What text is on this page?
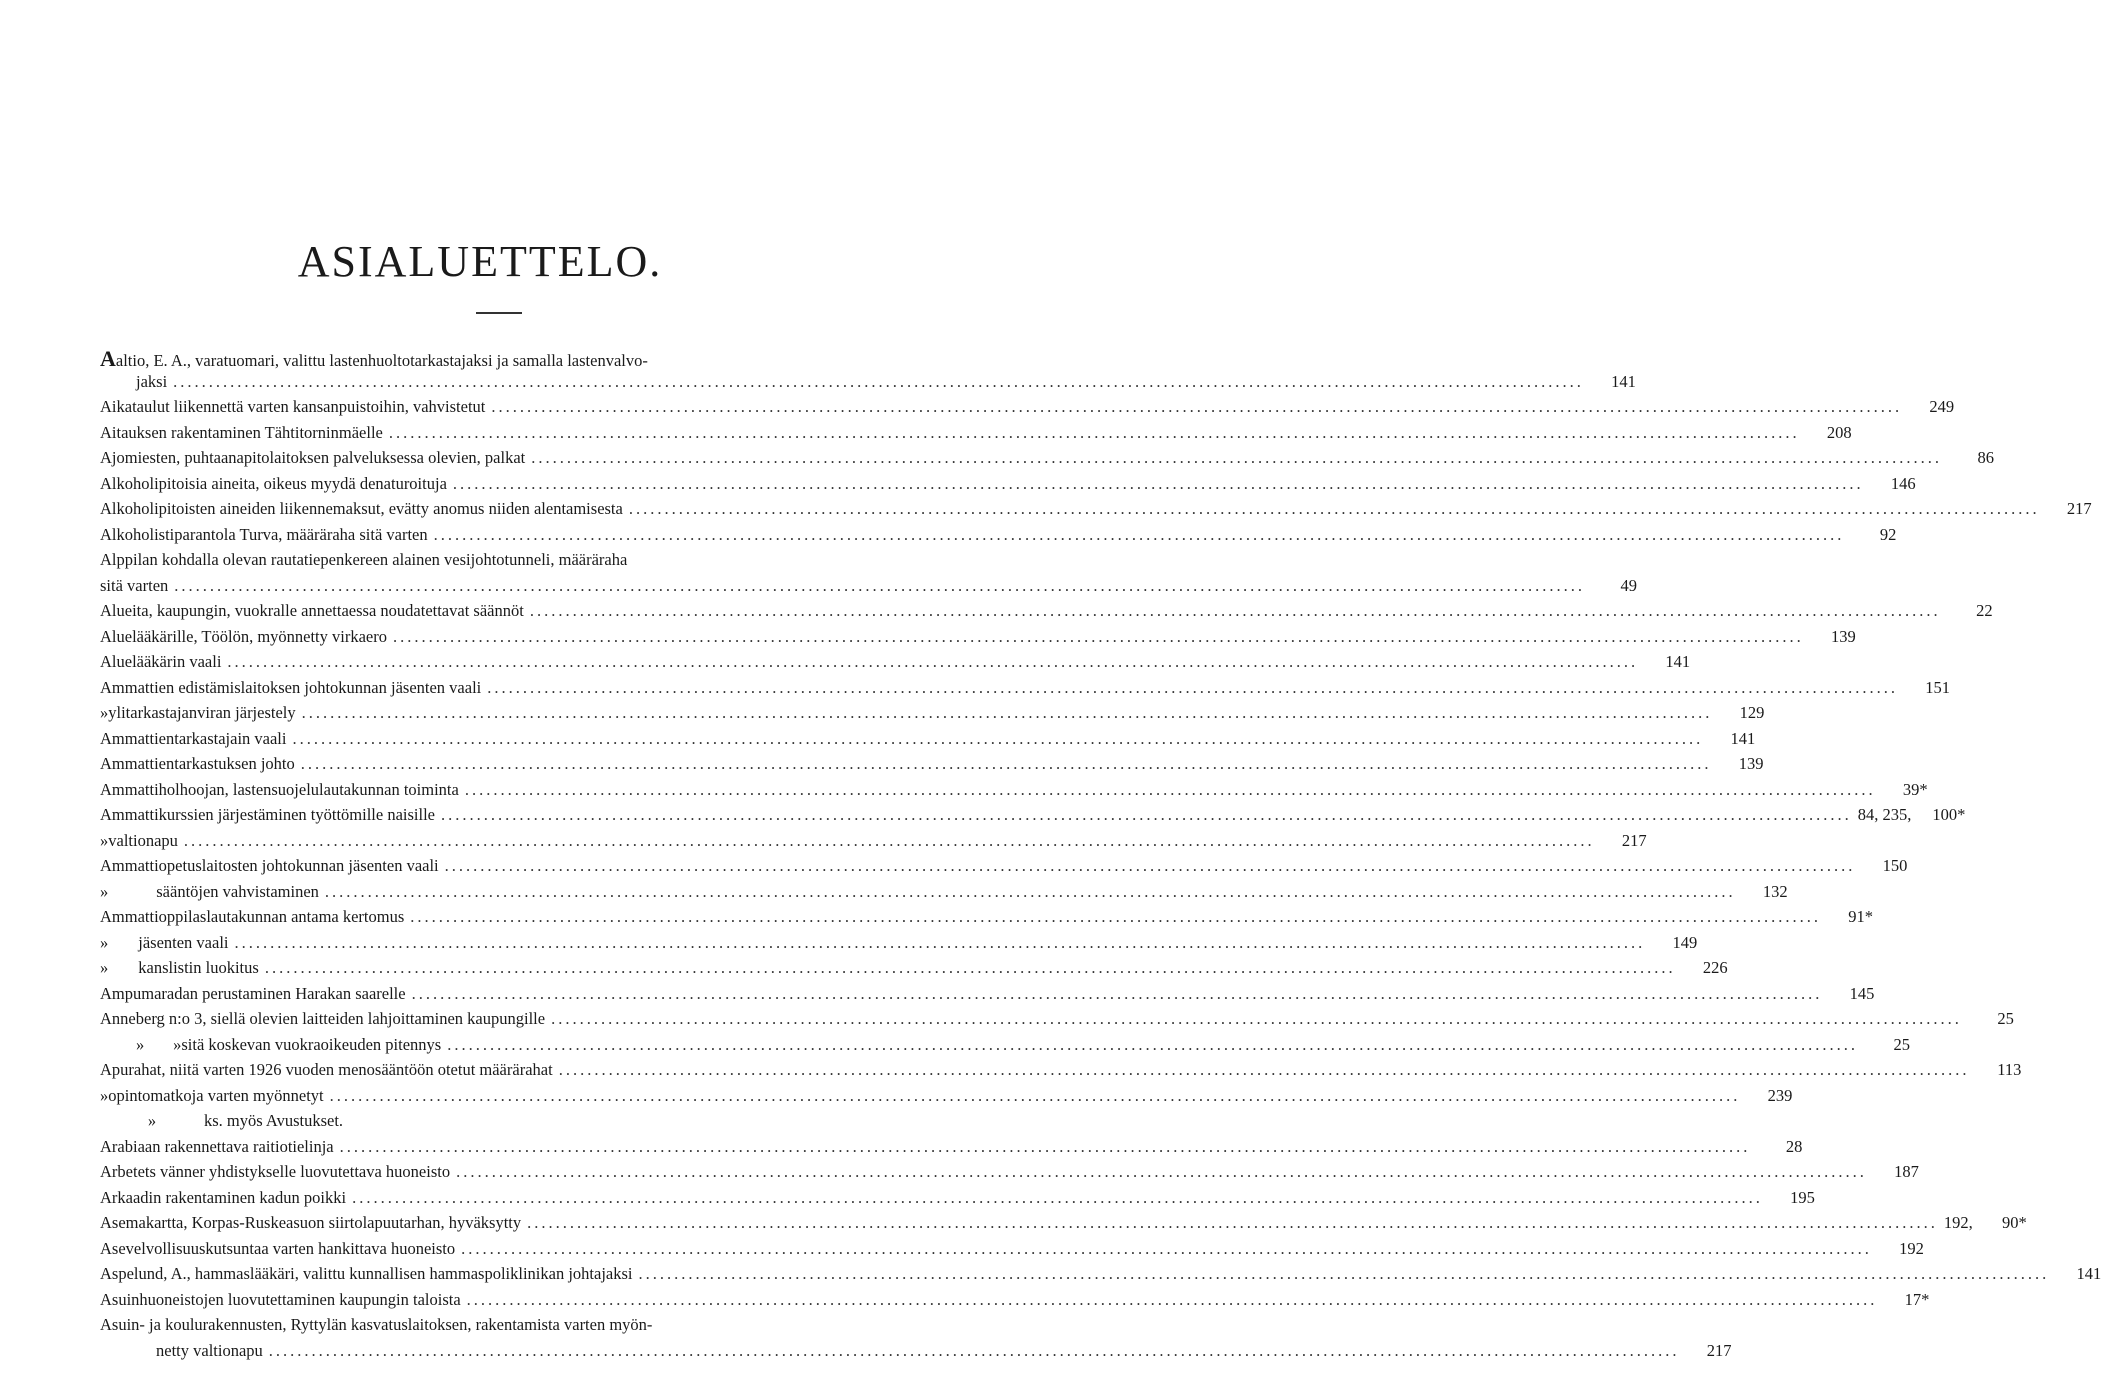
ASIALUETTELO.
Aaltio, E. A., varatuomari, valittu lastenhuoltotarkastajaksi ja samalla lastenvalvo-
jaksi .....	141
Aikataulut liikennettä varten kansanpuistoihin, vahvistetut .....	249
Aitauksen rakentaminen Tähtitorninmäelle .....	208
Ajomiesten, puhtaanapitolaitoksen palveluksessa olevien, palkat .....	86
Alkoholipitoisia aineita, oikeus myydä denaturoituja .....	146
Alkoholipitoisten aineiden liikennemaksut, evätty anomus niiden alentamisesta .....	217
Alkoholistiparantola Turva, määräraha sitä varten .....	92
Alppilan kohdalla olevan rautatiepenkereen alainen vesijohtotunneli, määräraha
sitä varten .....	49
Alueita, kaupungin, vuokralle annettaessa noudatettavat säännöt .....	22
Aluelääkärille, Töölön, myönnetty virkaero .....	139
Aluelääkärin vaali .....	141
Ammattien edistämislaitoksen johtokunnan jäsenten vaali .....	151
» ylitarkastajanviran järjestely .....	129
Ammattientarkastajain vaali .....	141
Ammattientarkastuksen johto .....	139
Ammattiholhoojan, lastensuojelulautakunnan toiminta .....	39*
Ammattikurssien järjestäminen työttömille naisille .....	84, 235,	100*
» valtionapu .....	217
Ammattiopetuslaitosten johtokunnan jäsenten vaali .....	150
»	sääntöjen vahvistaminen .....	132
Ammattioppilaslautakunnan antama kertomus .....	91*
»	jäsenten vaali .....	149
»	kanslistin luokitus .....	226
Ampumaradan perustaminen Harakan saarelle .....	145
Anneberg n:o 3, siellä olevien laitteiden lahjoittaminen kaupungille .....	25
»       » sitä koskevan vuokraoikeuden pitennys .....	25
Apurahat, niitä varten 1926 vuoden menosääntöön otetut määrärahat .....	113
» opintomatkoja varten myönnetyt .....	239
»	ks. myös Avustukset.
Arabiaan rakennettava raitiotielinja .....	28
Arbetets vänner yhdistykselle luovutettava huoneisto .....	187
Arkaadin rakentaminen kadun poikki .....	195
Asemakartta, Korpas-Ruskeasuon siirtolapuutarhan, hyväksytty .....	192,	90*
Asevelvollisuuskutsuntaa varten hankittava huoneisto .....	192
Aspelund, A., hammaslääkäri, valittu kunnallisen hammaspoliklinikan johtajaksi .....	141
Asuinhuoneistojen luovutettaminen kaupungin taloista .....	17*
Asuin- ja koulurakennusten, Ryttylän kasvatuslaitoksen, rakentamista varten myön-
netty valtionapu .....	217
